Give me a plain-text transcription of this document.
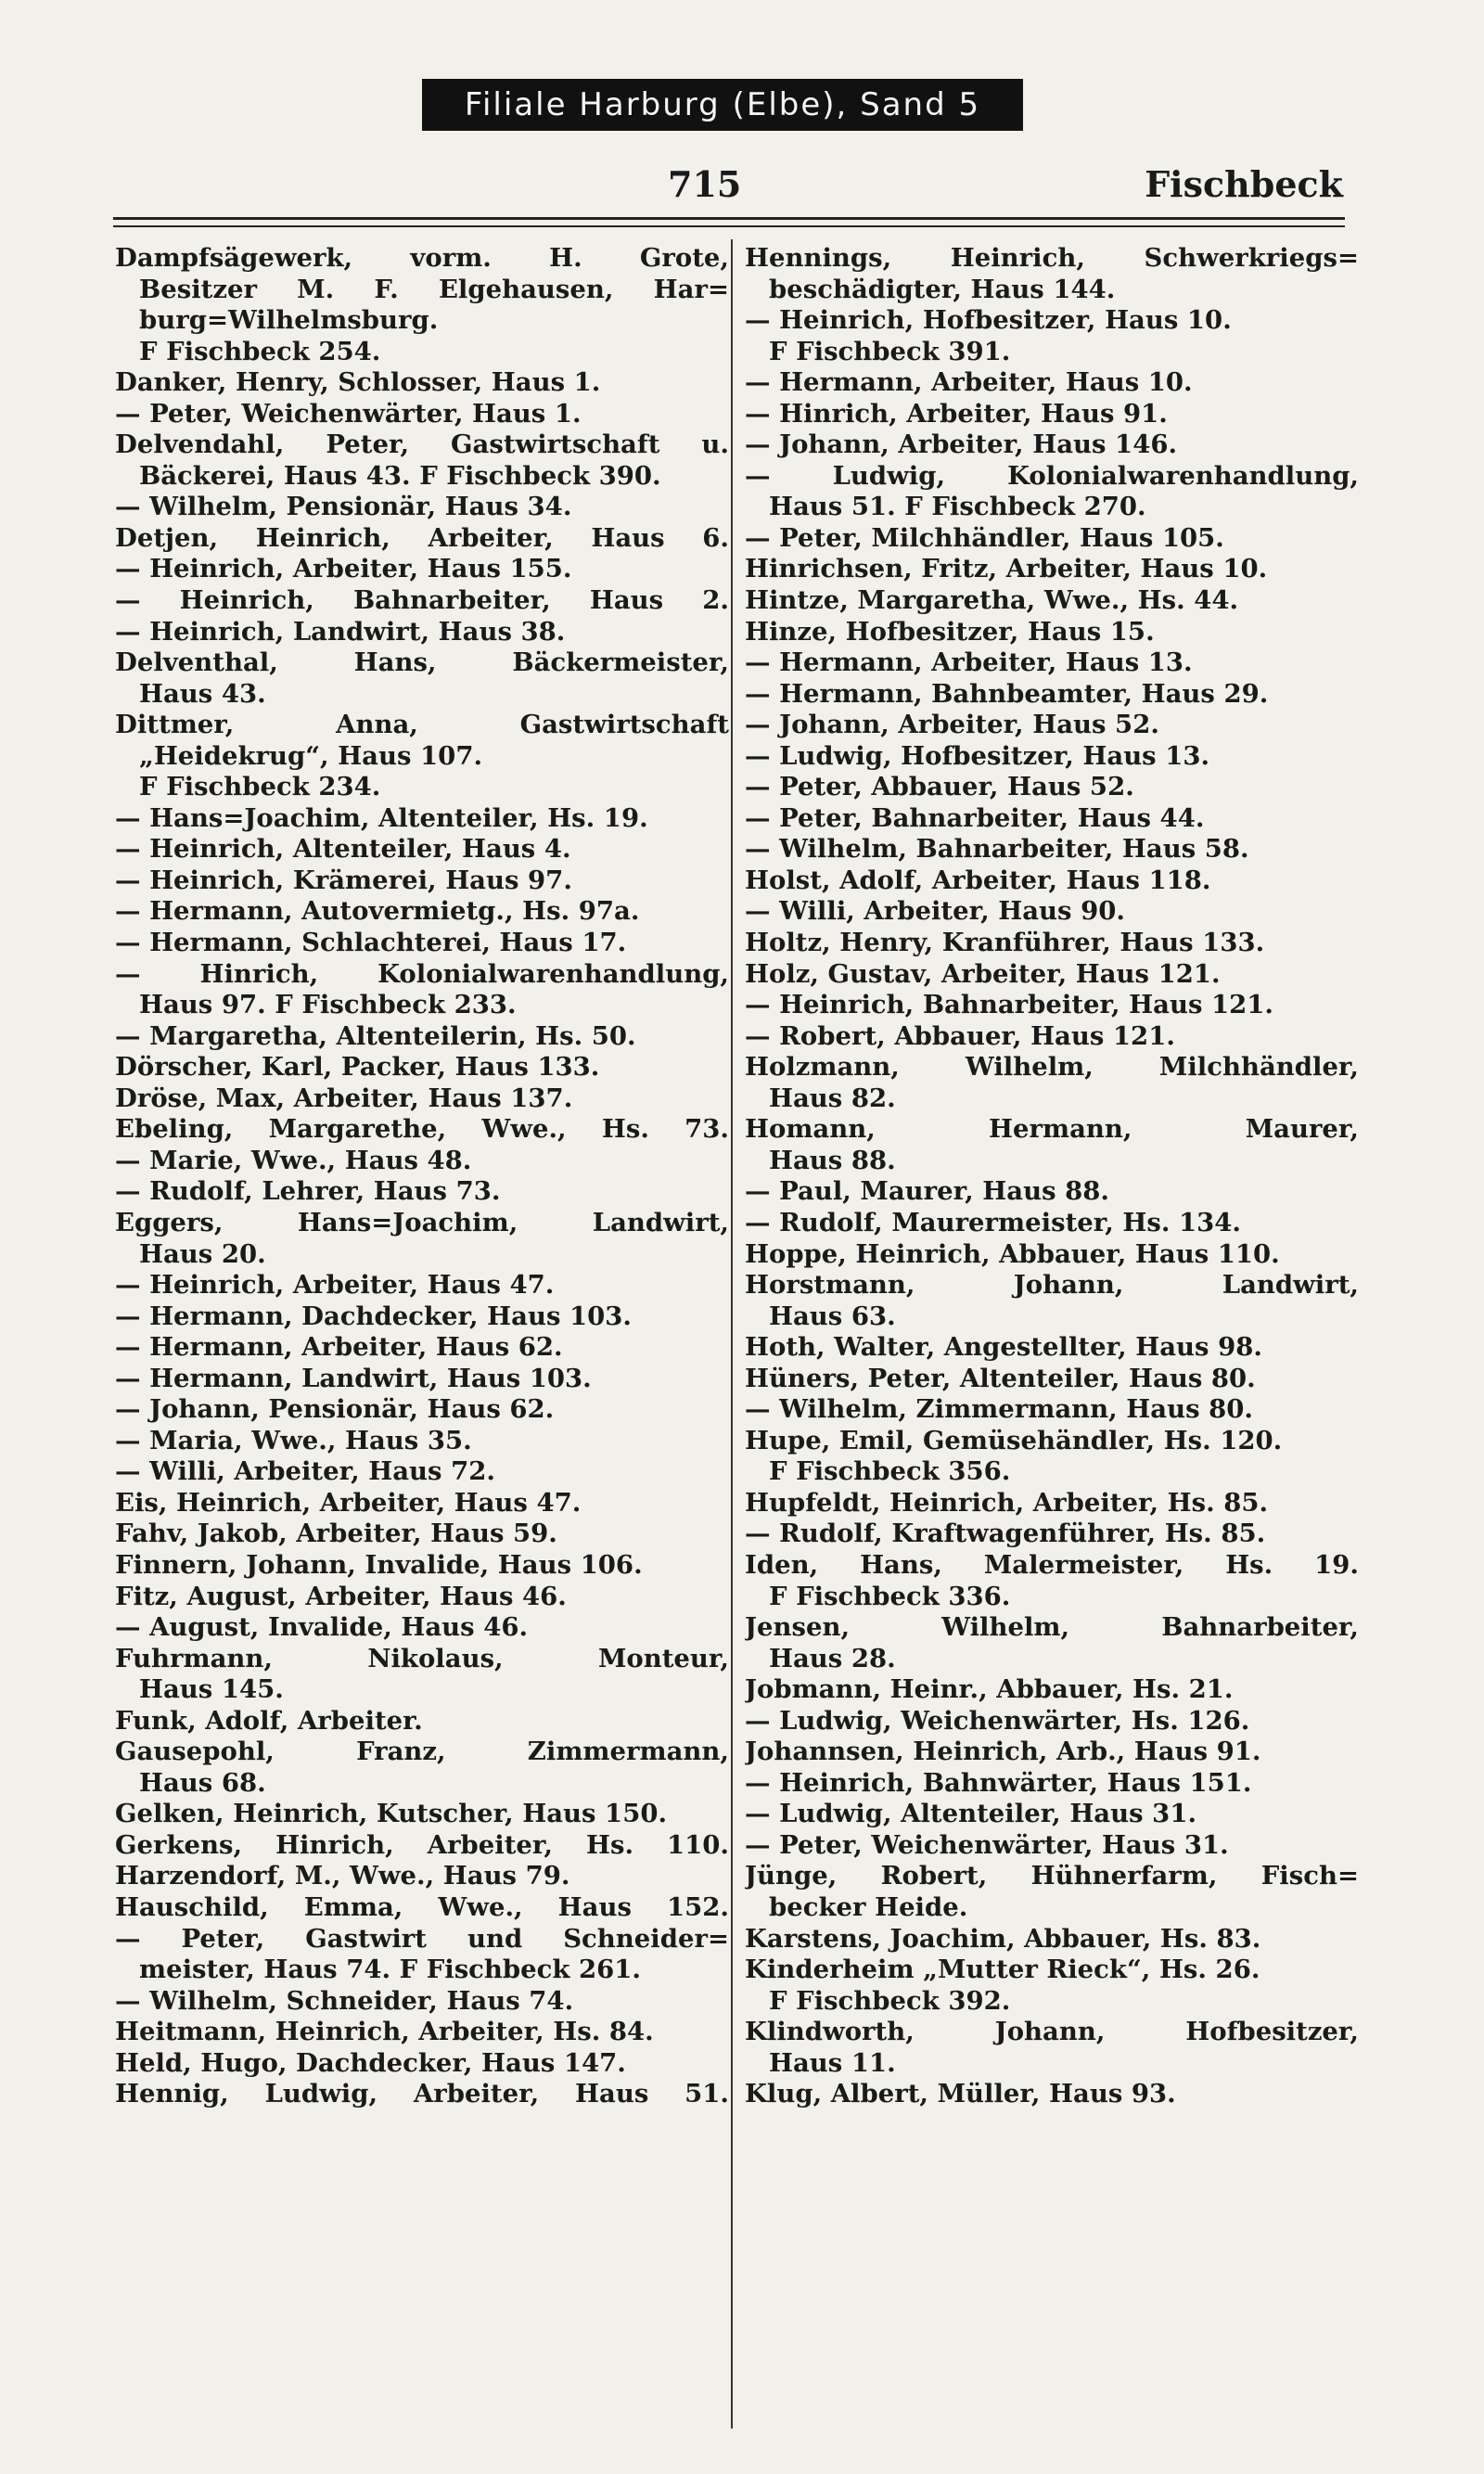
Filiale Harburg (Elbe), Sand 5
715	Fischbeck
Dampfsägewerk, vorm. H. Grote,
Besitzer M. F. Elgehausen, Har=
burg=Wilhelmsburg.
F Fischbeck 254.
Danker, Henry, Schlosser, Haus 1.
— Peter, Weichenwärter, Haus 1.
Delvendahl, Peter, Gastwirtschaft u.
Bäckerei, Haus 43. F Fischbeck 390.
— Wilhelm, Pensionär, Haus 34.
Detjen, Heinrich, Arbeiter, Haus 6.
— Heinrich, Arbeiter, Haus 155.
— Heinrich, Bahnarbeiter, Haus 2.
— Heinrich, Landwirt, Haus 38.
Delventhal, Hans, Bäckermeister,
Haus 43.
Dittmer, Anna, Gastwirtschaft
„Heidekrug“, Haus 107.
F Fischbeck 234.
— Hans=Joachim, Altenteiler, Hs. 19.
— Heinrich, Altenteiler, Haus 4.
— Heinrich, Krämerei, Haus 97.
— Hermann, Autovermietg., Hs. 97a.
— Hermann, Schlachterei, Haus 17.
— Hinrich, Kolonialwarenhandlung,
Haus 97. F Fischbeck 233.
— Margaretha, Altenteilerin, Hs. 50.
Dörscher, Karl, Packer, Haus 133.
Dröse, Max, Arbeiter, Haus 137.
Ebeling, Margarethe, Wwe., Hs. 73.
— Marie, Wwe., Haus 48.
— Rudolf, Lehrer, Haus 73.
Eggers, Hans=Joachim, Landwirt,
Haus 20.
— Heinrich, Arbeiter, Haus 47.
— Hermann, Dachdecker, Haus 103.
— Hermann, Arbeiter, Haus 62.
— Hermann, Landwirt, Haus 103.
— Johann, Pensionär, Haus 62.
— Maria, Wwe., Haus 35.
— Willi, Arbeiter, Haus 72.
Eis, Heinrich, Arbeiter, Haus 47.
Fahv, Jakob, Arbeiter, Haus 59.
Finnern, Johann, Invalide, Haus 106.
Fitz, August, Arbeiter, Haus 46.
— August, Invalide, Haus 46.
Fuhrmann, Nikolaus, Monteur,
Haus 145.
Funk, Adolf, Arbeiter.
Gausepohl, Franz, Zimmermann,
Haus 68.
Gelken, Heinrich, Kutscher, Haus 150.
Gerkens, Hinrich, Arbeiter, Hs. 110.
Harzendorf, M., Wwe., Haus 79.
Hauschild, Emma, Wwe., Haus 152.
— Peter, Gastwirt und Schneider=
meister, Haus 74. F Fischbeck 261.
— Wilhelm, Schneider, Haus 74.
Heitmann, Heinrich, Arbeiter, Hs. 84.
Held, Hugo, Dachdecker, Haus 147.
Hennig, Ludwig, Arbeiter, Haus 51.
Hennings, Heinrich, Schwerkriegs=
beschädigter, Haus 144.
— Heinrich, Hofbesitzer, Haus 10.
F Fischbeck 391.
— Hermann, Arbeiter, Haus 10.
— Hinrich, Arbeiter, Haus 91.
— Johann, Arbeiter, Haus 146.
— Ludwig, Kolonialwarenhandlung,
Haus 51. F Fischbeck 270.
— Peter, Milchhändler, Haus 105.
Hinrichsen, Fritz, Arbeiter, Haus 10.
Hintze, Margaretha, Wwe., Hs. 44.
Hinze, Hofbesitzer, Haus 15.
— Hermann, Arbeiter, Haus 13.
— Hermann, Bahnbeamter, Haus 29.
— Johann, Arbeiter, Haus 52.
— Ludwig, Hofbesitzer, Haus 13.
— Peter, Abbauer, Haus 52.
— Peter, Bahnarbeiter, Haus 44.
— Wilhelm, Bahnarbeiter, Haus 58.
Holst, Adolf, Arbeiter, Haus 118.
— Willi, Arbeiter, Haus 90.
Holtz, Henry, Kranführer, Haus 133.
Holz, Gustav, Arbeiter, Haus 121.
— Heinrich, Bahnarbeiter, Haus 121.
— Robert, Abbauer, Haus 121.
Holzmann, Wilhelm, Milchhändler,
Haus 82.
Homann, Hermann, Maurer,
Haus 88.
— Paul, Maurer, Haus 88.
— Rudolf, Maurermeister, Hs. 134.
Hoppe, Heinrich, Abbauer, Haus 110.
Horstmann, Johann, Landwirt,
Haus 63.
Hoth, Walter, Angestellter, Haus 98.
Hüners, Peter, Altenteiler, Haus 80.
— Wilhelm, Zimmermann, Haus 80.
Hupe, Emil, Gemüsehändler, Hs. 120.
F Fischbeck 356.
Hupfeldt, Heinrich, Arbeiter, Hs. 85.
— Rudolf, Kraftwagenführer, Hs. 85.
Iden, Hans, Malermeister, Hs. 19.
F Fischbeck 336.
Jensen, Wilhelm, Bahnarbeiter,
Haus 28.
Jobmann, Heinr., Abbauer, Hs. 21.
— Ludwig, Weichenwärter, Hs. 126.
Johannsen, Heinrich, Arb., Haus 91.
— Heinrich, Bahnwärter, Haus 151.
— Ludwig, Altenteiler, Haus 31.
— Peter, Weichenwärter, Haus 31.
Jünge, Robert, Hühnerfarm, Fisch=
becker Heide.
Karstens, Joachim, Abbauer, Hs. 83.
Kinderheim „Mutter Rieck“, Hs. 26.
F Fischbeck 392.
Klindworth, Johann, Hofbesitzer,
Haus 11.
Klug, Albert, Müller, Haus 93.
